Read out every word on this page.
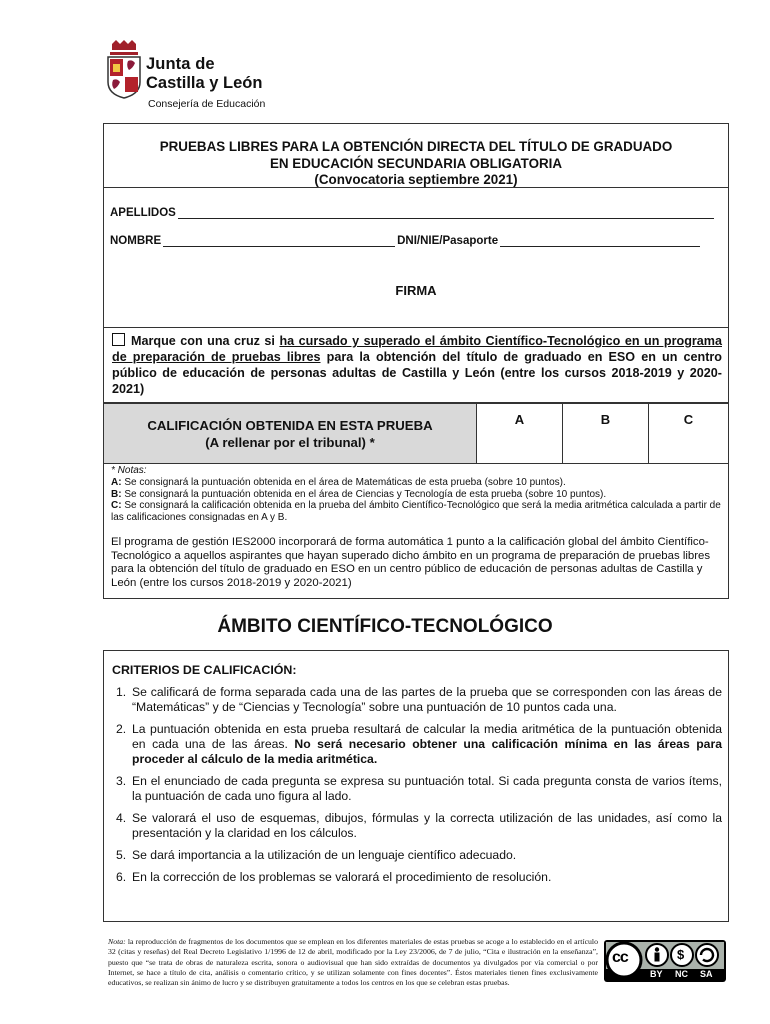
Junta de
Castilla y León
Consejería de Educación
PRUEBAS LIBRES PARA LA OBTENCIÓN DIRECTA DEL TÍTULO DE GRADUADO
EN EDUCACIÓN SECUNDARIA OBLIGATORIA
(Convocatoria septiembre 2021)
APELLIDOS
NOMBRE	DNI/NIE/Pasaporte
FIRMA
Marque con una cruz si ha cursado y superado el ámbito Científico-Tecnológico en un programa de preparación de pruebas libres para la obtención del título de graduado en ESO en un centro público de educación de personas adultas de Castilla y León (entre los cursos 2018-2019 y 2020-2021)
CALIFICACIÓN OBTENIDA EN ESTA PRUEBA
(A rellenar por el tribunal) *
A	B	C

* Notas:

A: Se consignará la puntuación obtenida en el área de Matemáticas de esta prueba (sobre 10 puntos).

B: Se consignará la puntuación obtenida en el área de Ciencias y Tecnología de esta prueba (sobre 10 puntos).

C: Se consignará la calificación obtenida en la prueba del ámbito Científico-Tecnológico que será la media aritmética calculada a partir de las calificaciones consignadas en A y B.

El programa de gestión IES2000 incorporará de forma automática 1 punto a la calificación global del ámbito Científico-Tecnológico a aquellos aspirantes que hayan superado dicho ámbito en un programa de preparación de pruebas libres para la obtención del título de graduado en ESO en un centro público de educación de personas adultas de Castilla y León (entre los cursos 2018-2019 y 2020-2021)

ÁMBITO CIENTÍFICO-TECNOLÓGICO
CRITERIOS DE CALIFICACIÓN:
1. Se calificará de forma separada cada una de las partes de la prueba que se corresponden con las áreas de “Matemáticas” y de “Ciencias y Tecnología” sobre una puntuación de 10 puntos cada una.
2. La puntuación obtenida en esta prueba resultará de calcular la media aritmética de la puntuación obtenida en cada una de las áreas. No será necesario obtener una calificación mínima en las áreas para proceder al cálculo de la media aritmética.
3. En el enunciado de cada pregunta se expresa su puntuación total. Si cada pregunta consta de varios ítems, la puntuación de cada uno figura al lado.
4. Se valorará el uso de esquemas, dibujos, fórmulas y la correcta utilización de las unidades, así como la presentación y la claridad en los cálculos.
5. Se dará importancia a la utilización de un lenguaje científico adecuado.
6. En la corrección de los problemas se valorará el procedimiento de resolución.
Nota: la reproducción de fragmentos de los documentos que se emplean en los diferentes materiales de estas pruebas se acoge a lo establecido en el artículo 32 (citas y reseñas) del Real Decreto Legislativo 1/1996 de 12 de abril, modificado por la Ley 23/2006, de 7 de julio, “Cita e ilustración en la enseñanza”, puesto que “se trata de obras de naturaleza escrita, sonora o audiovisual que han sido extraídas de documentos ya divulgados por vía comercial o por Internet, se hace a título de cita, análisis o comentario crítico, y se utilizan solamente con fines docentes”. Éstos materiales tienen fines exclusivamente educativos, se realizan sin ánimo de lucro y se distribuyen gratuitamente a todos los centros en los que se celebran estas pruebas.
cc
BY NC SA
$
